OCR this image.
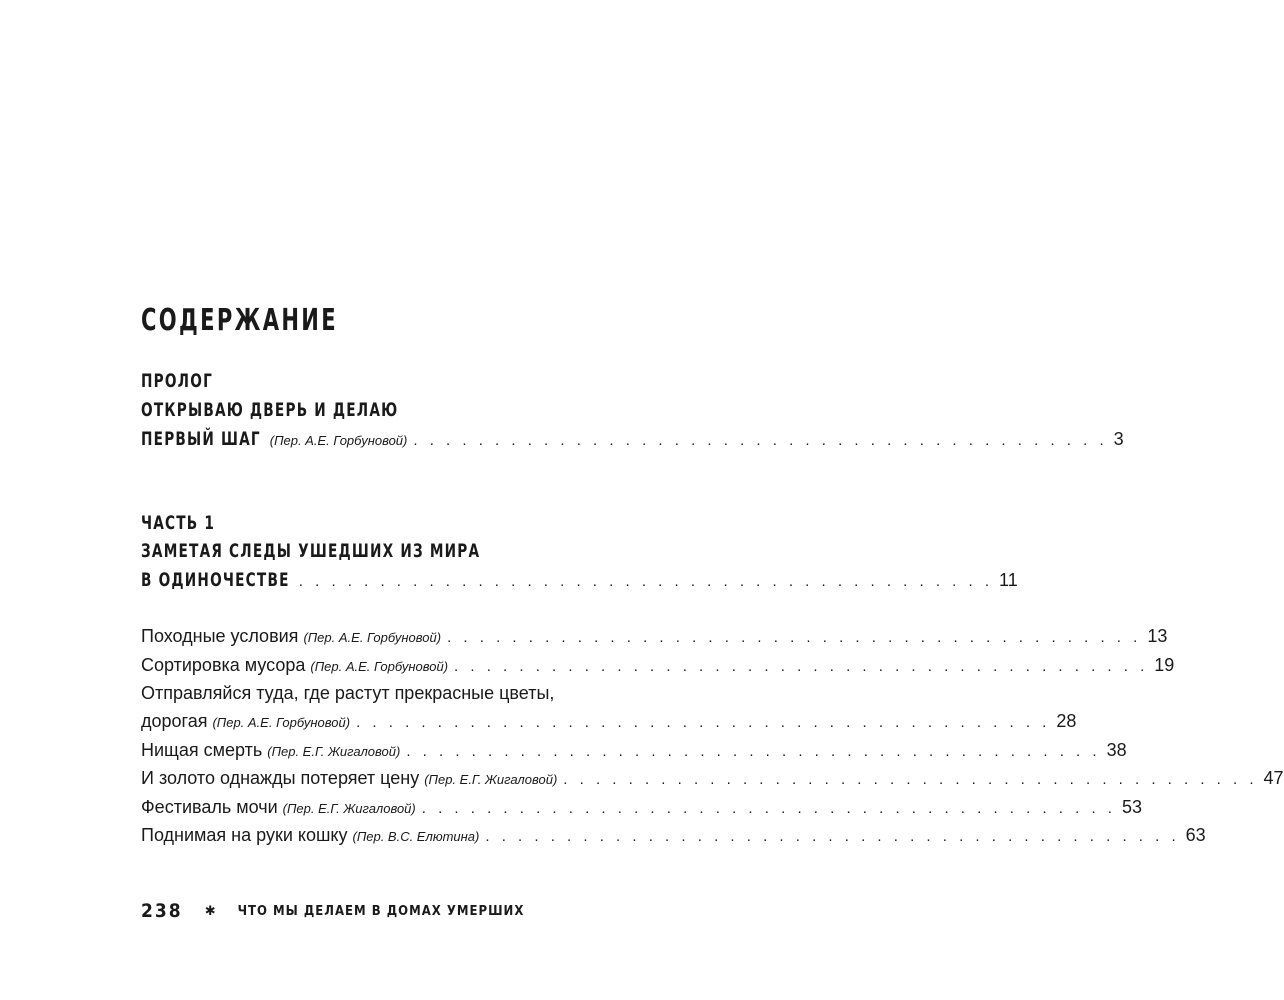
СОДЕРЖАНИЕ
ПРОЛОГ
ОТКРЫВАЮ ДВЕРЬ И ДЕЛАЮ
ПЕРВЫЙ ШАГ (Пер. А.Е. Горбуновой) . . . . . . . . . . . . . . . . . . . . . . . . . . . . . . . . . . . . . . . . . . . 3
ЧАСТЬ 1
ЗАМЕТАЯ СЛЕДЫ УШЕДШИХ ИЗ МИРА
В ОДИНОЧЕСТВЕ . . . . . . . . . . . . . . . . . . . . . . . . . . . . . . . . . . . . . . . . . . . 11
Походные условия (Пер. А.Е. Горбуновой) . . . . . . . . . . . . . . . . . . . . . . . . . . . . . . . . . . . . . . . . . . . 13
Сортировка мусора (Пер. А.Е. Горбуновой) . . . . . . . . . . . . . . . . . . . . . . . . . . . . . . . . . . . . . . . . . . . 19
Отправляйся туда, где растут прекрасные цветы,
дорогая (Пер. А.Е. Горбуновой) . . . . . . . . . . . . . . . . . . . . . . . . . . . . . . . . . . . . . . . . . . . 28
Нищая смерть (Пер. Е.Г. Жигаловой) . . . . . . . . . . . . . . . . . . . . . . . . . . . . . . . . . . . . . . . . . . . 38
И золото однажды потеряет цену (Пер. Е.Г. Жигаловой) . . . . . . . . . . . . . . . . . . . . . . . . . . . . . . . . . . . . . . . . . . . 47
Фестиваль мочи (Пер. Е.Г. Жигаловой) . . . . . . . . . . . . . . . . . . . . . . . . . . . . . . . . . . . . . . . . . . . 53
Поднимая на руки кошку (Пер. В.С. Елютина) . . . . . . . . . . . . . . . . . . . . . . . . . . . . . . . . . . . . . . . . . . . 63
238 ✱ ЧТО МЫ ДЕЛАЕМ В ДОМАХ УМЕРШИХ
